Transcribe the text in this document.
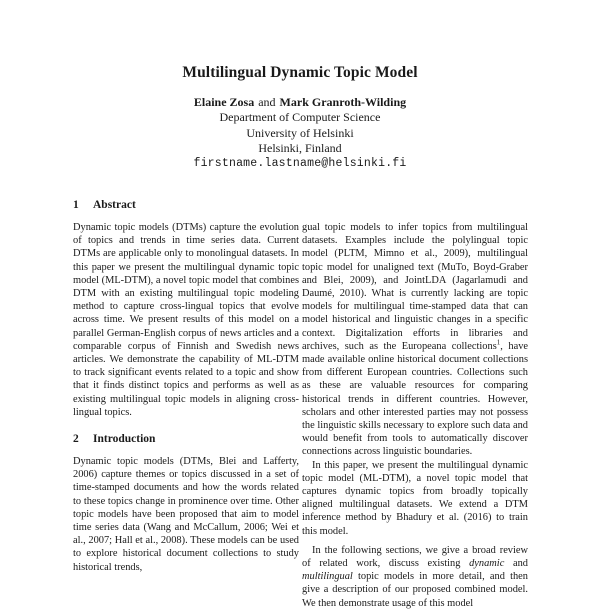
Multilingual Dynamic Topic Model
Elaine Zosa and Mark Granroth-Wilding
Department of Computer Science
University of Helsinki
Helsinki, Finland
firstname.lastname@helsinki.fi
1 Abstract

Dynamic topic models (DTMs) capture the evolution of topics and trends in time series data. Current DTMs are applicable only to monolingual datasets. In this paper we present the multilingual dynamic topic model (ML-DTM), a novel topic model that combines DTM with an existing multilingual topic modeling method to capture cross-lingual topics that evolve across time. We present results of this model on a parallel German-English corpus of news articles and a comparable corpus of Finnish and Swedish news articles. We demonstrate the capability of ML-DTM to track significant events related to a topic and show that it finds distinct topics and performs as well as existing multilingual topic models in aligning cross-lingual topics.

2 Introduction

Dynamic topic models (DTMs, Blei and Lafferty, 2006) capture themes or topics discussed in a set of time-stamped documents and how the words related to these topics change in prominence over time. Other topic models have been proposed that aim to model time series data (Wang and McCallum, 2006; Wei et al., 2007; Hall et al., 2008). These models can be used to explore historical document collections to study historical trends,

gual topic models to infer topics from multilingual datasets. Examples include the polylingual topic model (PLTM, Mimno et al., 2009), multilingual topic model for unaligned text (MuTo, Boyd-Graber and Blei, 2009), and JointLDA (Jagarlamudi and Daumé, 2010). What is currently lacking are topic models for multilingual time-stamped data that can model historical and linguistic changes in a specific context. Digitalization efforts in libraries and archives, such as the Europeana collections$^1$, have made available online historical document collections from different European countries. Collections such as these are valuable resources for comparing historical trends in different countries. However, scholars and other interested parties may not possess the linguistic skills necessary to explore such data and would benefit from tools to automatically discover connections across linguistic boundaries.

In this paper, we present the multilingual dynamic topic model (ML-DTM), a novel topic model that captures dynamic topics from broadly topically aligned multilingual datasets. We extend a DTM inference method by Bhadury et al. (2016) to train this model.

In the following sections, we give a broad review of related work, discuss existing dynamic and multilingual topic models in more detail, and then give a description of our proposed combined model. We then demonstrate usage of this model
